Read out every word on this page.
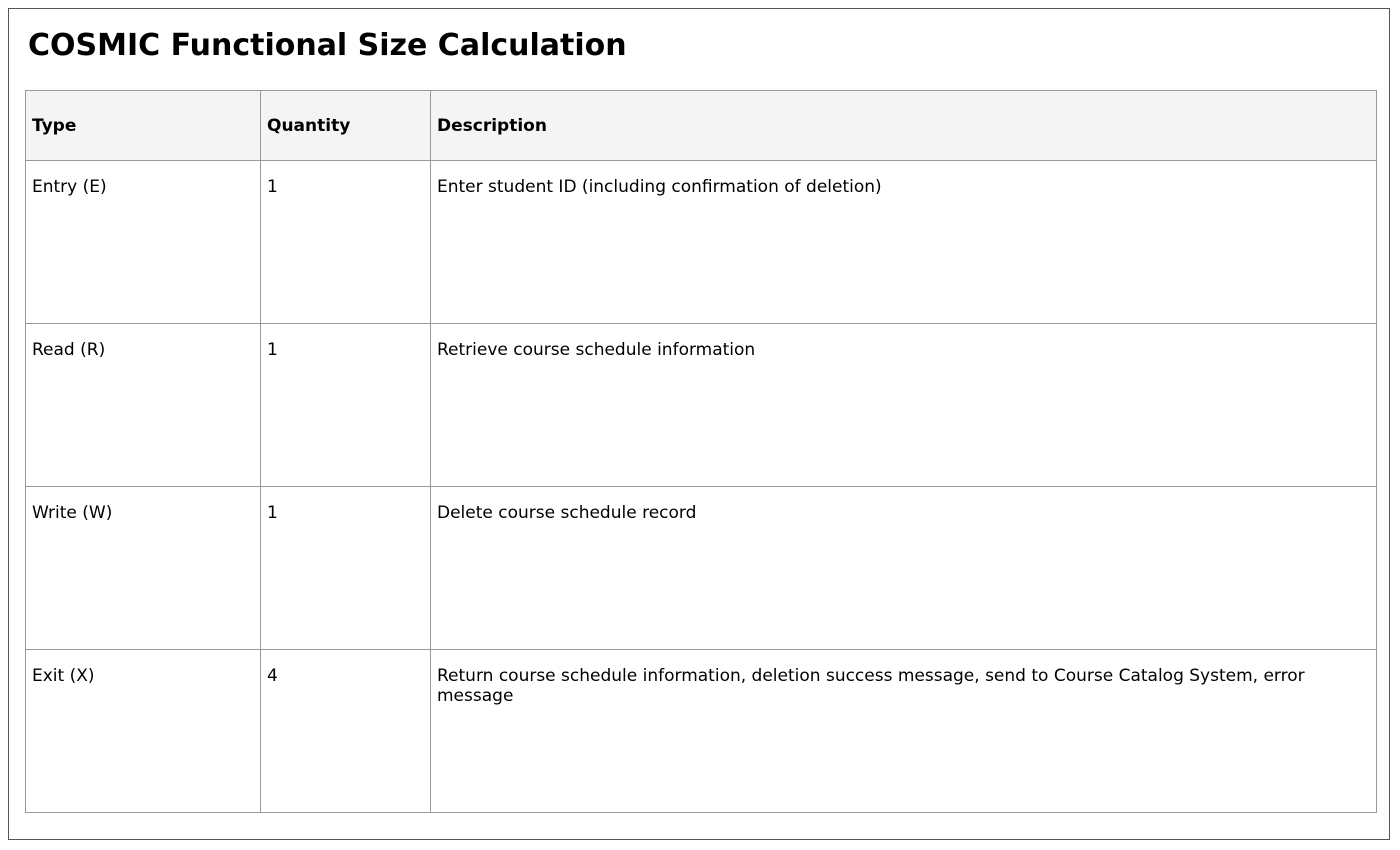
COSMIC Functional Size Calculation
Type	Quantity	Description
Entry (E)	1	Enter student ID (including confirmation of deletion)
Read (R)	1	Retrieve course schedule information
Write (W)	1	Delete course schedule record
Exit (X)	4	Return course schedule information, deletion success message, send to Course Catalog System, error message
